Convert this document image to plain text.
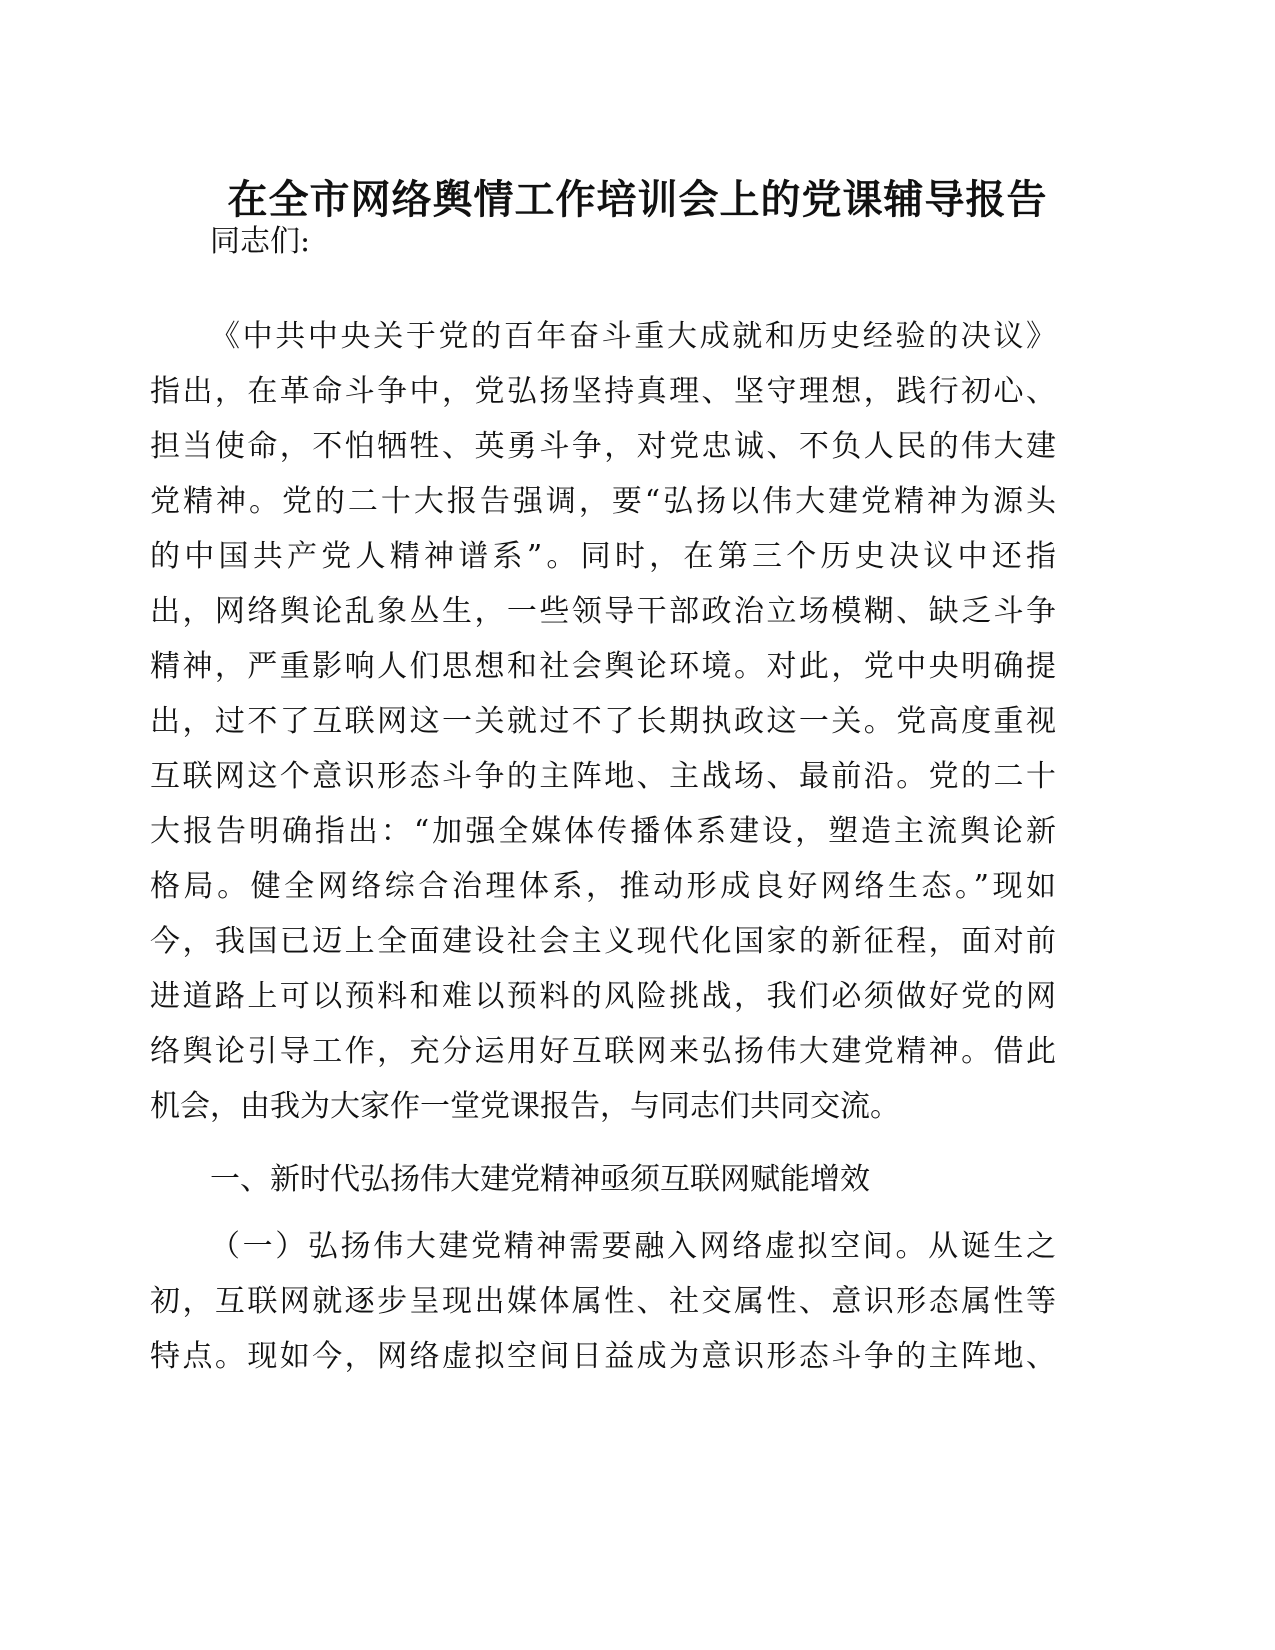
在全市网络舆情工作培训会上的党课辅导报告
同志们:
《中共中央关于党的百年奋斗重大成就和历史经验的决议》
指出，在革命斗争中，党弘扬坚持真理、坚守理想，践行初心、
担当使命，不怕牺牲、英勇斗争，对党忠诚、不负人民的伟大建
党精神。党的二十大报告强调，要“弘扬以伟大建党精神为源头
的中国共产党人精神谱系”。同时，在第三个历史决议中还指
出，网络舆论乱象丛生，一些领导干部政治立场模糊、缺乏斗争
精神，严重影响人们思想和社会舆论环境。对此，党中央明确提
出，过不了互联网这一关就过不了长期执政这一关。党高度重视
互联网这个意识形态斗争的主阵地、主战场、最前沿。党的二十
大报告明确指出：“加强全媒体传播体系建设，塑造主流舆论新
格局。健全网络综合治理体系，推动形成良好网络生态。”现如
今，我国已迈上全面建设社会主义现代化国家的新征程，面对前
进道路上可以预料和难以预料的风险挑战，我们必须做好党的网
络舆论引导工作，充分运用好互联网来弘扬伟大建党精神。借此
机会，由我为大家作一堂党课报告，与同志们共同交流。
一、新时代弘扬伟大建党精神亟须互联网赋能增效
（一）弘扬伟大建党精神需要融入网络虚拟空间。从诞生之
初，互联网就逐步呈现出媒体属性、社交属性、意识形态属性等
特点。现如今，网络虚拟空间日益成为意识形态斗争的主阵地、
